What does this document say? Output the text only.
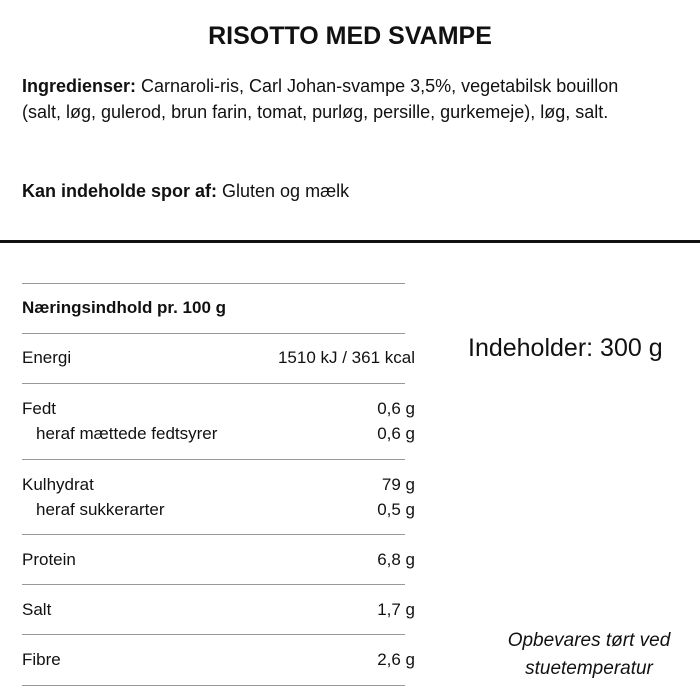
RISOTTO MED SVAMPE
Ingredienser: Carnaroli-ris, Carl Johan-svampe 3,5%, vegetabilsk bouillon (salt, løg, gulerod, brun farin, tomat, purløg, persille, gurkemeje), løg, salt.
Kan indeholde spor af: Gluten og mælk
Næringsindhold pr. 100 g
Energi	1510 kJ / 361 kcal
Fedt	0,6 g
heraf mættede fedtsyrer	0,6 g
Kulhydrat	79 g
heraf sukkerarter	0,5 g
Protein	6,8 g
Salt	1,7 g
Fibre	2,6 g
Indeholder: 300 g
Opbevares tørt ved stuetemperatur
